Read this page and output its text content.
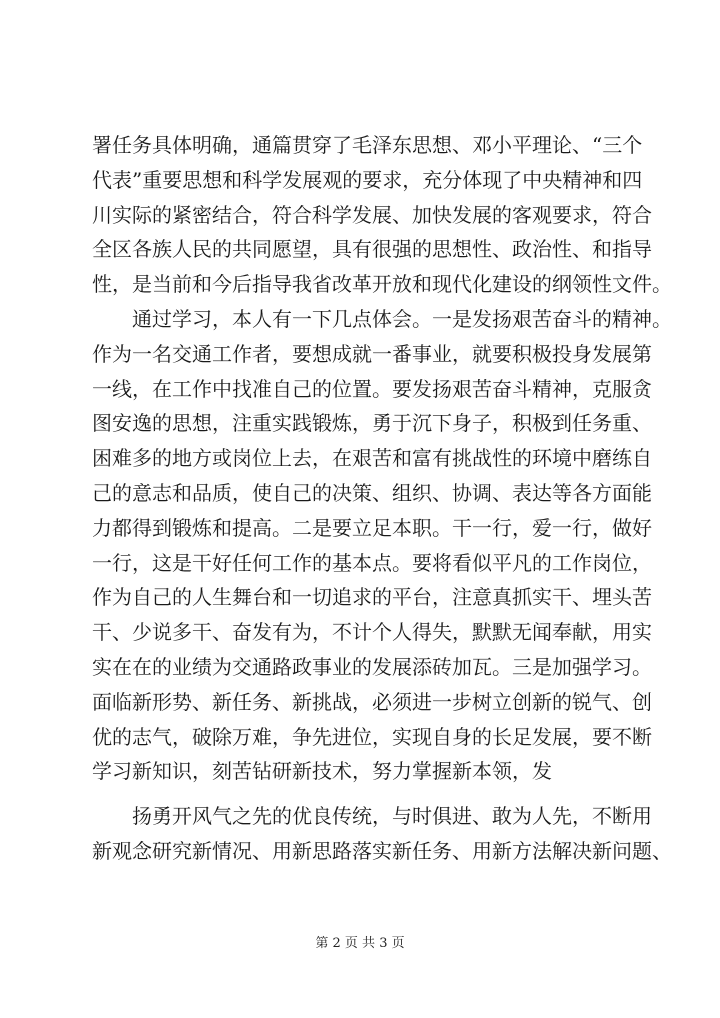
署任务具体明确，通篇贯穿了毛泽东思想、邓小平理论、“三个
代表”重要思想和科学发展观的要求，充分体现了中央精神和四
川实际的紧密结合，符合科学发展、加快发展的客观要求，符合
全区各族人民的共同愿望，具有很强的思想性、政治性、和指导
性，是当前和今后指导我省改革开放和现代化建设的纲领性文件。
通过学习，本人有一下几点体会。一是发扬艰苦奋斗的精神。
作为一名交通工作者，要想成就一番事业，就要积极投身发展第
一线，在工作中找准自己的位置。要发扬艰苦奋斗精神，克服贪
图安逸的思想，注重实践锻炼，勇于沉下身子，积极到任务重、
困难多的地方或岗位上去，在艰苦和富有挑战性的环境中磨练自
己的意志和品质，使自己的决策、组织、协调、表达等各方面能
力都得到锻炼和提高。二是要立足本职。干一行，爱一行，做好
一行，这是干好任何工作的基本点。要将看似平凡的工作岗位，
作为自己的人生舞台和一切追求的平台，注意真抓实干、埋头苦
干、少说多干、奋发有为，不计个人得失，默默无闻奉献，用实
实在在的业绩为交通路政事业的发展添砖加瓦。三是加强学习。
面临新形势、新任务、新挑战，必须进一步树立创新的锐气、创
优的志气，破除万难，争先进位，实现自身的长足发展，要不断
学习新知识，刻苦钻研新技术，努力掌握新本领，发
扬勇开风气之先的优良传统，与时俱进、敢为人先，不断用
新观念研究新情况、用新思路落实新任务、用新方法解决新问题、
第 2 页 共 3 页
